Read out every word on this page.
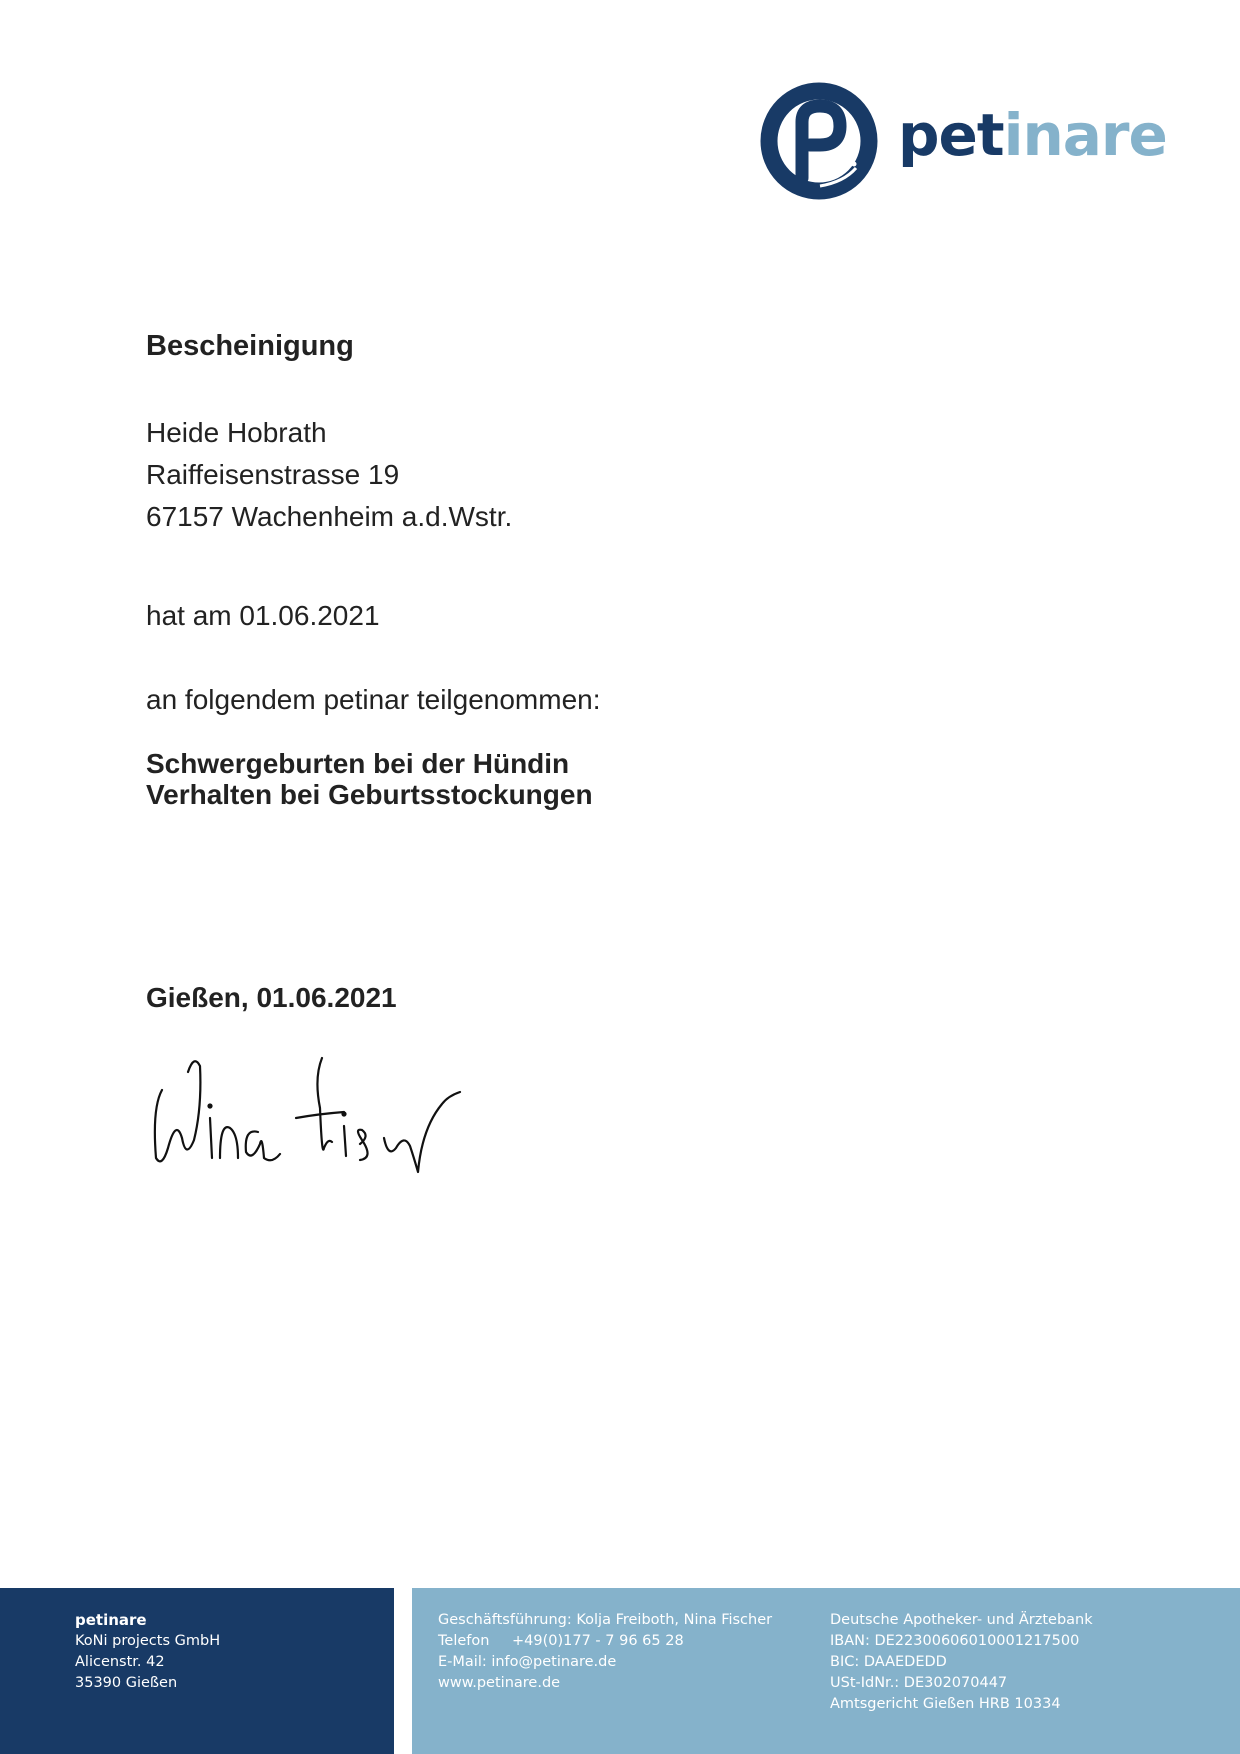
petinare
Bescheinigung
Heide Hobrath
Raiffeisenstrasse 19
67157 Wachenheim a.d.Wstr.
hat am 01.06.2021
an folgendem petinar teilgenommen:
Schwergeburten bei der Hündin
Verhalten bei Geburtsstockungen
Gießen, 01.06.2021
petinare
KoNi projects GmbH
Alicenstr. 42
35390 Gießen
Geschäftsführung: Kolja Freiboth, Nina Fischer
Telefon +49(0)177 - 7 96 65 28
E-Mail: info@petinare.de
www.petinare.de
Deutsche Apotheker- und Ärztebank
IBAN: DE22300606010001217500
BIC: DAAEDEDD
USt-IdNr.: DE302070447
Amtsgericht Gießen HRB 10334
